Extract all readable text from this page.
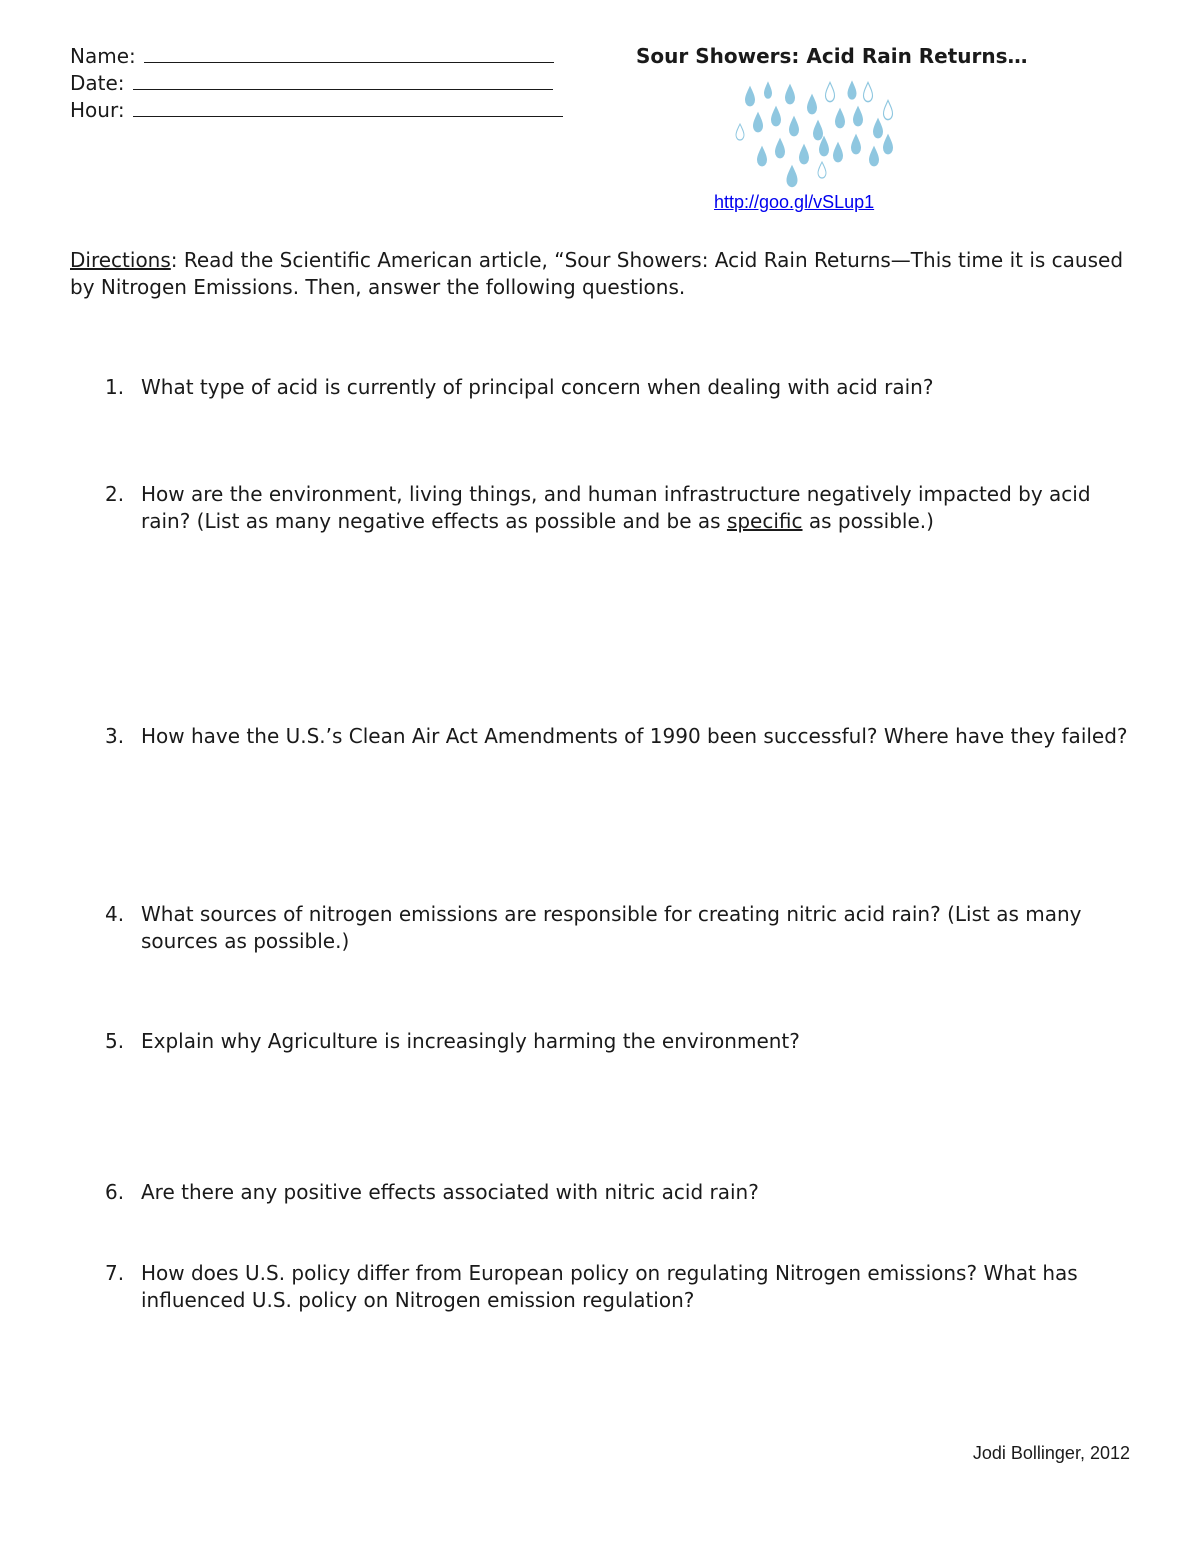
Name:
Date:
Hour:
Sour Showers: Acid Rain Returns…
http://goo.gl/vSLup1
Directions: Read the Scientific American article, “Sour Showers: Acid Rain Returns—This time it is caused by Nitrogen Emissions. Then, answer the following questions.
1. What type of acid is currently of principal concern when dealing with acid rain?
2. How are the environment, living things, and human infrastructure negatively impacted by acid rain? (List as many negative effects as possible and be as specific as possible.)
3. How have the U.S.’s Clean Air Act Amendments of 1990 been successful? Where have they failed?
4. What sources of nitrogen emissions are responsible for creating nitric acid rain? (List as many sources as possible.)
5. Explain why Agriculture is increasingly harming the environment?
6. Are there any positive effects associated with nitric acid rain?
7. How does U.S. policy differ from European policy on regulating Nitrogen emissions? What has influenced U.S. policy on Nitrogen emission regulation?
Jodi Bollinger, 2012
